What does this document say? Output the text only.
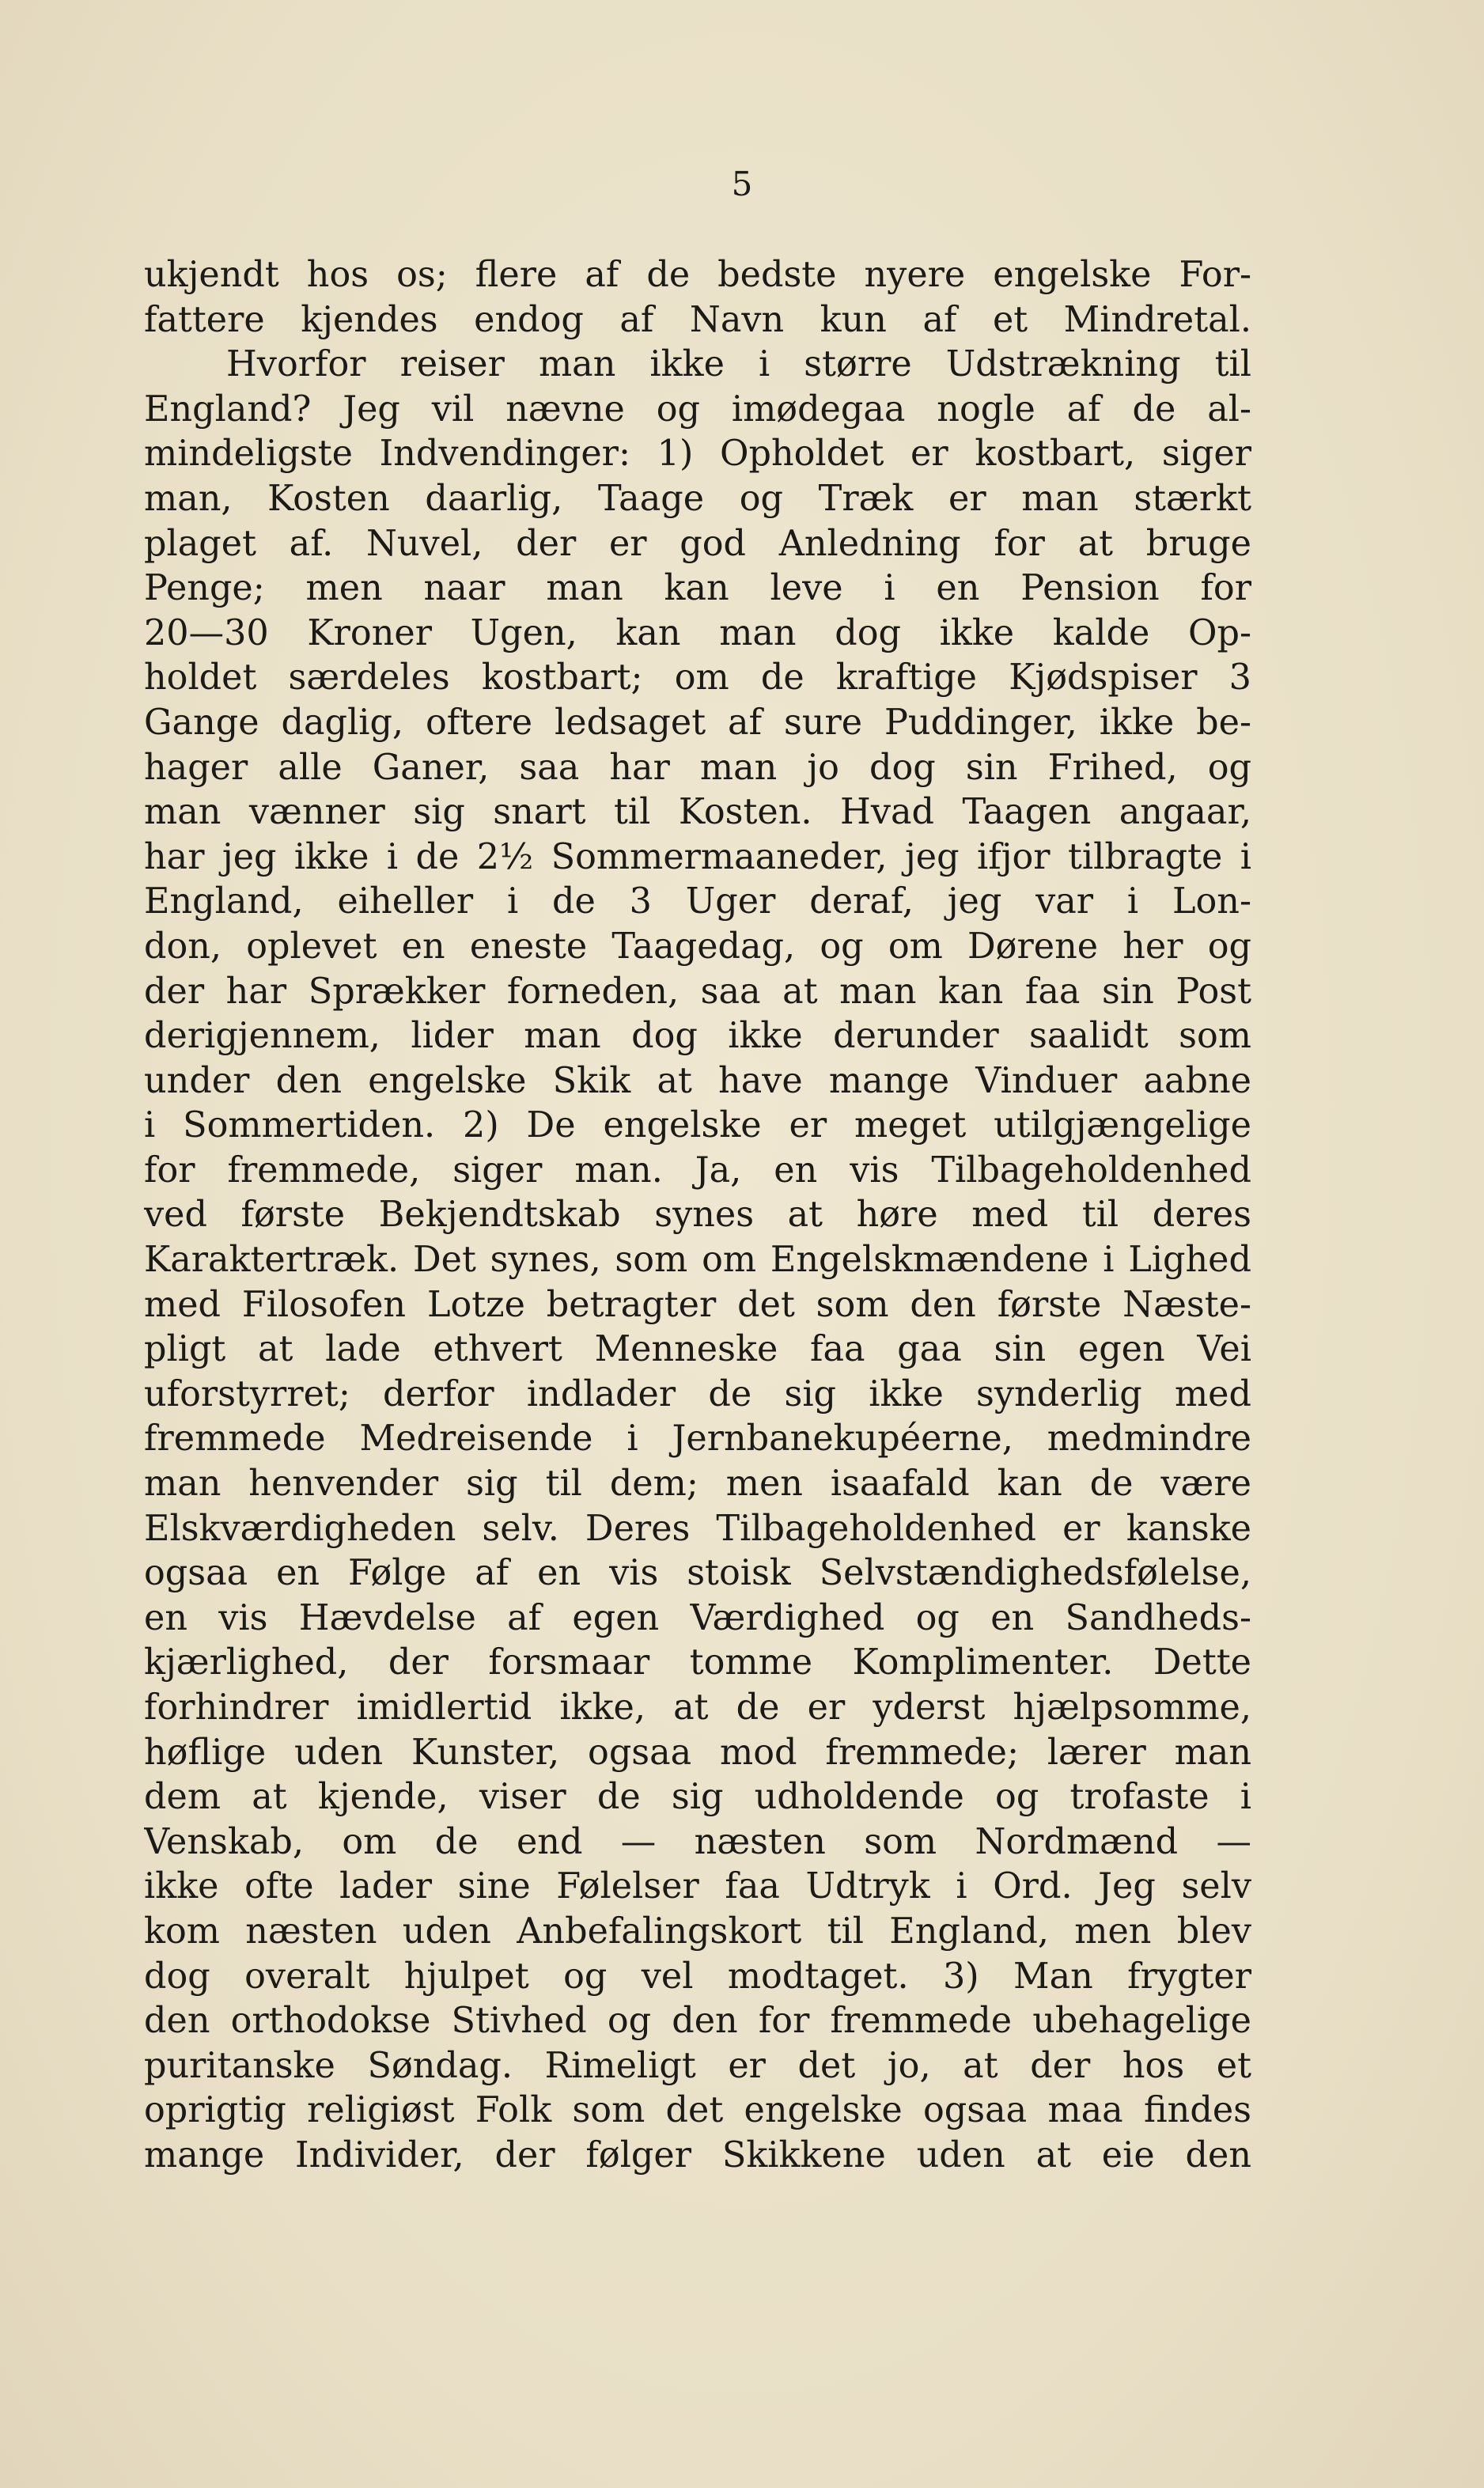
5
ukjendt hos os; flere af de bedste nyere engelske For-
fattere kjendes endog af Navn kun af et Mindretal.
Hvorfor reiser man ikke i større Udstrækning til
England? Jeg vil nævne og imødegaa nogle af de al-
mindeligste Indvendinger: 1) Opholdet er kostbart, siger
man, Kosten daarlig, Taage og Træk er man stærkt
plaget af. Nuvel, der er god Anledning for at bruge
Penge; men naar man kan leve i en Pension for
20—30 Kroner Ugen, kan man dog ikke kalde Op-
holdet særdeles kostbart; om de kraftige Kjødspiser 3
Gange daglig, oftere ledsaget af sure Puddinger, ikke be-
hager alle Ganer, saa har man jo dog sin Frihed, og
man vænner sig snart til Kosten. Hvad Taagen angaar,
har jeg ikke i de 2½ Sommermaaneder, jeg ifjor tilbragte i
England, eiheller i de 3 Uger deraf, jeg var i Lon-
don, oplevet en eneste Taagedag, og om Dørene her og
der har Sprækker forneden, saa at man kan faa sin Post
derigjennem, lider man dog ikke derunder saalidt som
under den engelske Skik at have mange Vinduer aabne
i Sommertiden. 2) De engelske er meget utilgjængelige
for fremmede, siger man. Ja, en vis Tilbageholdenhed
ved første Bekjendtskab synes at høre med til deres
Karaktertræk. Det synes, som om Engelskmændene i Lighed
med Filosofen Lotze betragter det som den første Næste-
pligt at lade ethvert Menneske faa gaa sin egen Vei
uforstyrret; derfor indlader de sig ikke synderlig med
fremmede Medreisende i Jernbanekupéerne, medmindre
man henvender sig til dem; men isaafald kan de være
Elskværdigheden selv. Deres Tilbageholdenhed er kanske
ogsaa en Følge af en vis stoisk Selvstændighedsfølelse,
en vis Hævdelse af egen Værdighed og en Sandheds-
kjærlighed, der forsmaar tomme Komplimenter. Dette
forhindrer imidlertid ikke, at de er yderst hjælpsomme,
høflige uden Kunster, ogsaa mod fremmede; lærer man
dem at kjende, viser de sig udholdende og trofaste i
Venskab, om de end — næsten som Nordmænd —
ikke ofte lader sine Følelser faa Udtryk i Ord. Jeg selv
kom næsten uden Anbefalingskort til England, men blev
dog overalt hjulpet og vel modtaget. 3) Man frygter
den orthodokse Stivhed og den for fremmede ubehagelige
puritanske Søndag. Rimeligt er det jo, at der hos et
oprigtig religiøst Folk som det engelske ogsaa maa findes
mange Individer, der følger Skikkene uden at eie den
